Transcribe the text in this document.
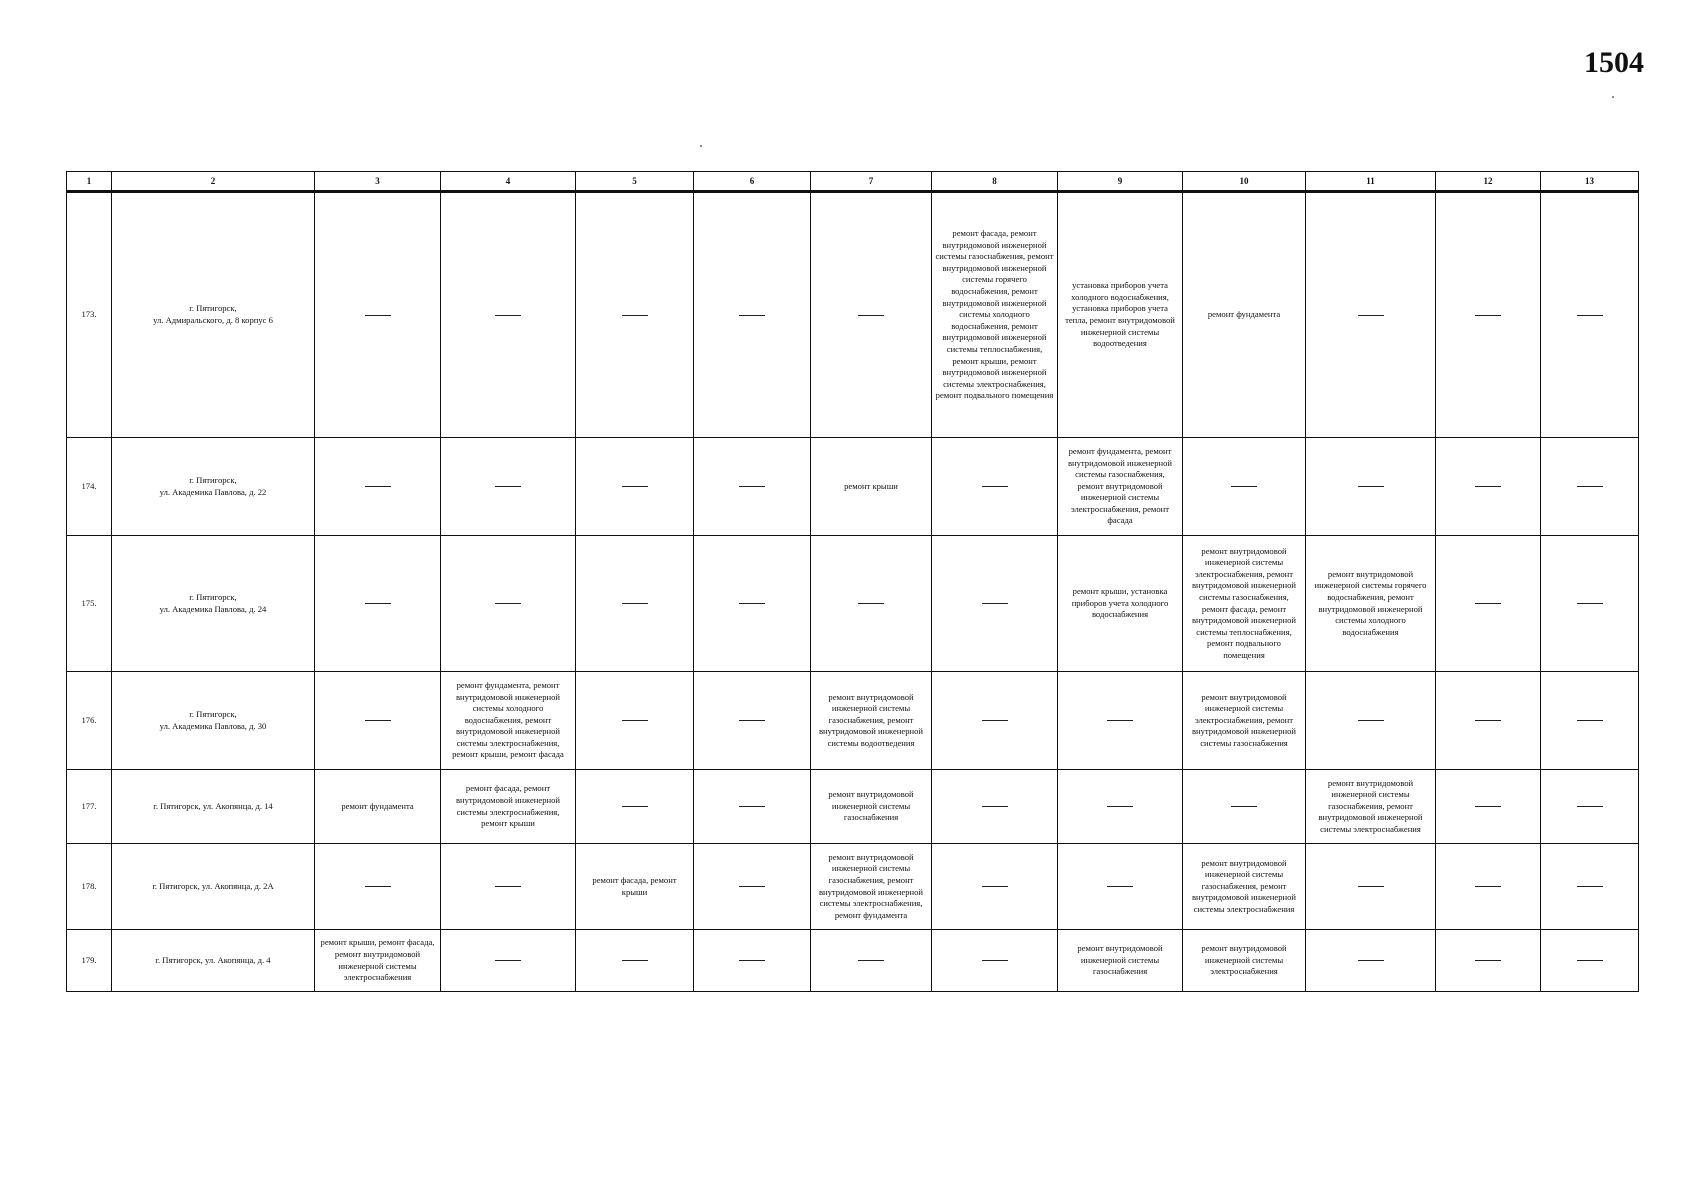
1504
1	2	3	4	5	6	7	8	9	10	11	12	13
173.	г. Пятигорск,
ул. Адмиральского, д. 8 корпус 6						ремонт фасада, ремонт внутридомовой инженерной системы газоснабжения, ремонт внутридомовой инженерной системы горячего водоснабжения, ремонт внутридомовой инженерной системы холодного водоснабжения, ремонт внутридомовой инженерной системы теплоснабжения, ремонт крыши, ремонт внутридомовой инженерной системы электроснабжения, ремонт подвального помещения	установка приборов учета холодного водоснабжения, установка приборов учета тепла, ремонт внутридомовой инженерной системы водоотведения	ремонт фундамента			

174.	г. Пятигорск,
ул. Академика Павлова, д. 22					ремонт крыши		ремонт фундамента, ремонт внутридомовой инженерной системы газоснабжения, ремонт внутридомовой инженерной системы электроснабжения, ремонт фасада				

175.	г. Пятигорск,
ул. Академика Павлова, д. 24							ремонт крыши, установка приборов учета холодного водоснабжения	ремонт внутридомовой инженерной системы электроснабжения, ремонт внутридомовой инженерной системы газоснабжения, ремонт фасада, ремонт внутридомовой инженерной системы теплоснабжения, ремонт подвального помещения	ремонт внутридомовой инженерной системы горячего водоснабжения, ремонт внутридомовой инженерной системы холодного водоснабжения		

176.	г. Пятигорск,
ул. Академика Павлова, д. 30		ремонт фундамента, ремонт внутридомовой инженерной системы холодного водоснабжения, ремонт внутридомовой инженерной системы электроснабжения, ремонт крыши, ремонт фасада			ремонт внутридомовой инженерной системы газоснабжения, ремонт внутридомовой инженерной системы водоотведения			ремонт внутридомовой инженерной системы электроснабжения, ремонт внутридомовой инженерной системы газоснабжения			

177.	г. Пятигорск, ул. Акопянца, д. 14	ремонт фундамента	ремонт фасада, ремонт внутридомовой инженерной системы электроснабжения, ремонт крыши			ремонт внутридомовой инженерной системы газоснабжения				ремонт внутридомовой инженерной системы газоснабжения, ремонт внутридомовой инженерной системы электроснабжения		

178.	г. Пятигорск, ул. Акопянца, д. 2А			ремонт фасада, ремонт крыши		ремонт внутридомовой инженерной системы газоснабжения, ремонт внутридомовой инженерной системы электроснабжения, ремонт фундамента			ремонт внутридомовой инженерной системы газоснабжения, ремонт внутридомовой инженерной системы электроснабжения			

179.	г. Пятигорск, ул. Акопянца, д. 4	ремонт крыши, ремонт фасада, ремонт внутридомовой инженерной системы электроснабжения						ремонт внутридомовой инженерной системы газоснабжения	ремонт внутридомовой инженерной системы электроснабжения			
